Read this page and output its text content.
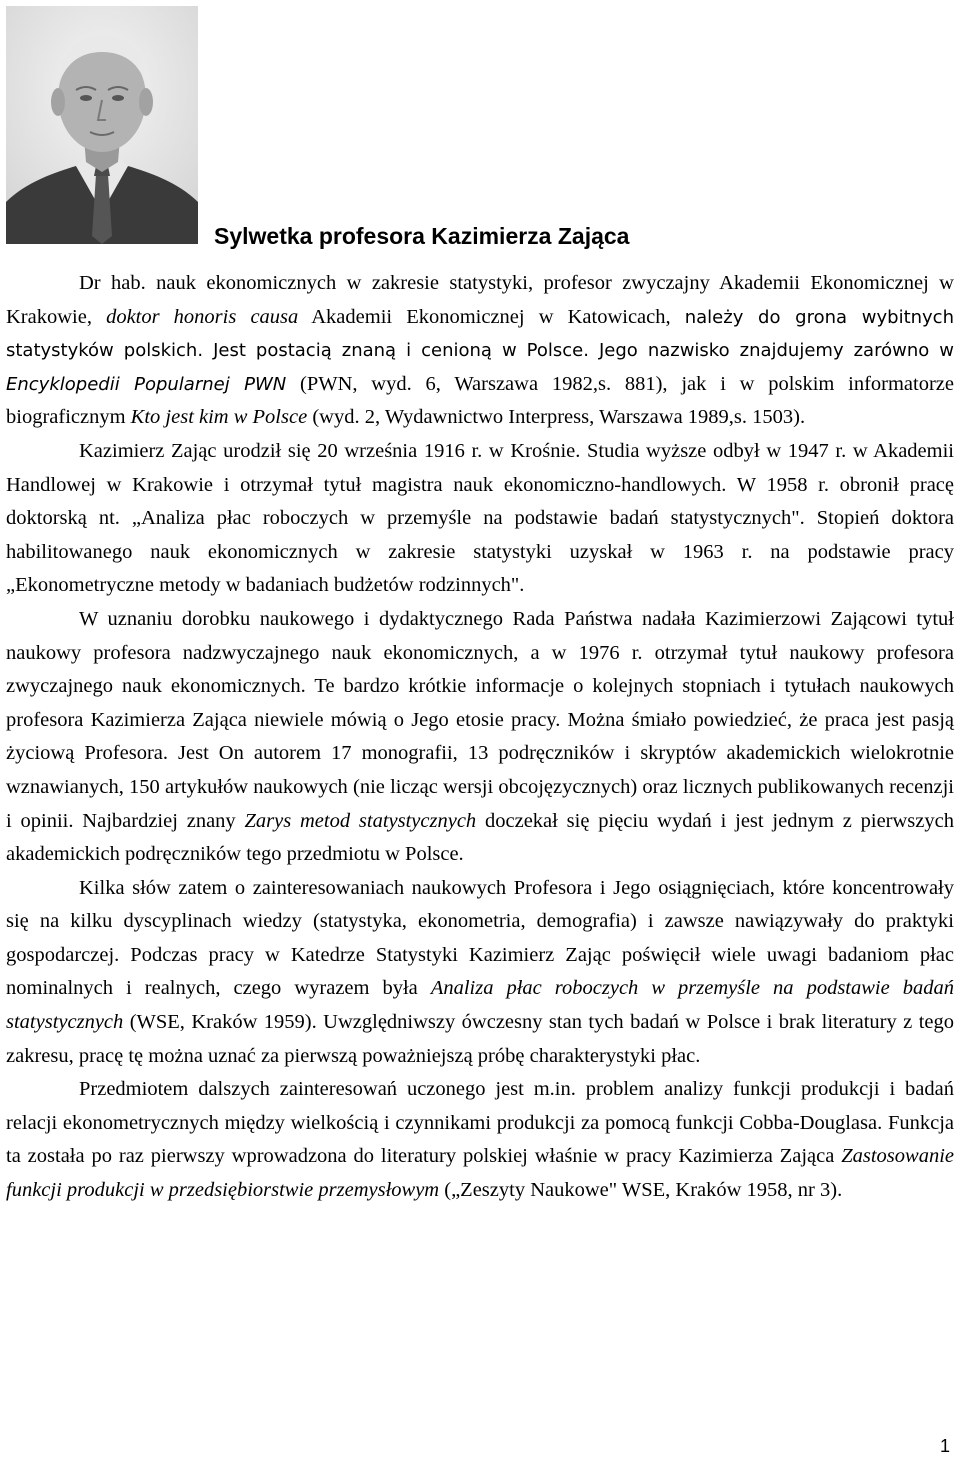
Sylwetka profesora Kazimierza Zająca

Dr hab. nauk ekonomicznych w zakresie statystyki, profesor zwyczajny Akademii Ekonomicznej w Krakowie, doktor honoris causa Akademii Ekonomicznej w Katowicach, należy do grona wybitnych statystyków polskich. Jest postacią znaną i cenioną w Polsce. Jego nazwisko znajdujemy zarówno w Encyklopedii Popularnej PWN (PWN, wyd. 6, Warszawa 1982,s. 881), jak i w polskim informatorze biograficznym Kto jest kim w Polsce (wyd. 2, Wydawnictwo Interpress, Warszawa 1989,s. 1503).

Kazimierz Zając urodził się 20 września 1916 r. w Krośnie. Studia wyższe odbył w 1947 r. w Akademii Handlowej w Krakowie i otrzymał tytuł magistra nauk ekonomiczno-handlowych. W 1958 r. obronił pracę doktorską nt. „Analiza płac roboczych w przemyśle na podstawie badań statystycznych". Stopień doktora habilitowanego nauk ekonomicznych w zakresie statystyki uzyskał w 1963 r. na podstawie pracy „Ekonometryczne metody w badaniach budżetów rodzinnych".

W uznaniu dorobku naukowego i dydaktycznego Rada Państwa nadała Kazimierzowi Zającowi tytuł naukowy profesora nadzwyczajnego nauk ekonomicznych, a w 1976 r. otrzymał tytuł naukowy profesora zwyczajnego nauk ekonomicznych. Te bardzo krótkie informacje o kolejnych stopniach i tytułach naukowych profesora Kazimierza Zająca niewiele mówią o Jego etosie pracy. Można śmiało powiedzieć, że praca jest pasją życiową Profesora. Jest On autorem 17 monografii, 13 podręczników i skryptów akademickich wielokrotnie wznawianych, 150 artykułów naukowych (nie licząc wersji obcojęzycznych) oraz licznych publikowanych recenzji i opinii. Najbardziej znany Zarys metod statystycznych doczekał się pięciu wydań i jest jednym z pierwszych akademickich podręczników tego przedmiotu w Polsce.

Kilka słów zatem o zainteresowaniach naukowych Profesora i Jego osiągnięciach, które koncentrowały się na kilku dyscyplinach wiedzy (statystyka, ekonometria, demografia) i zawsze nawiązywały do praktyki gospodarczej. Podczas pracy w Katedrze Statystyki Kazimierz Zając poświęcił wiele uwagi badaniom płac nominalnych i realnych, czego wyrazem była Analiza płac roboczych w przemyśle na podstawie badań statystycznych (WSE, Kraków 1959). Uwzględniwszy ówczesny stan tych badań w Polsce i brak literatury z tego zakresu, pracę tę można uznać za pierwszą poważniejszą próbę charakterystyki płac.

Przedmiotem dalszych zainteresowań uczonego jest m.in. problem analizy funkcji produkcji i badań relacji ekonometrycznych między wielkością i czynnikami produkcji za pomocą funkcji Cobba-Douglasa. Funkcja ta została po raz pierwszy wprowadzona do literatury polskiej właśnie w pracy Kazimierza Zająca Zastosowanie funkcji produkcji w przedsiębiorstwie przemysłowym („Zeszyty Naukowe" WSE, Kraków 1958, nr 3).

1
